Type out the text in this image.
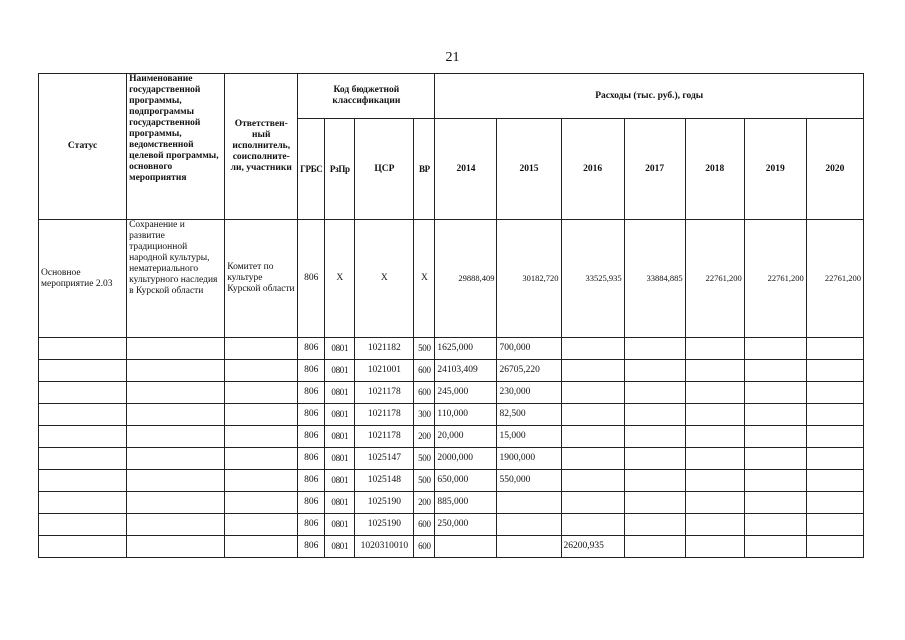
21
Статус	Наименование государственной программы, подпрограммы государственной программы, ведомственной целевой программы, основного мероприятия	Ответствен-ный исполнитель, соисполните-ли, участники	Код бюджетной классификации				Расходы (тыс. руб.), годы						
			ГРБС	РзПр	ЦСР	ВР	2014	2015	2016	2017	2018	2019	2020
Основное мероприятие 2.03	Сохранение и развитие традиционной народной культуры, нематериального культурного наследия в Курской области	Комитет по культуре Курской области	806	Х	Х	Х	29888,409	30182,720	33525,935	33884,885	22761,200	22761,200	22761,200
			806	0801	1021182	500	1625,000	700,000					
			806	0801	1021001	600	24103,409	26705,220					
			806	0801	1021178	600	245,000	230,000					
			806	0801	1021178	300	110,000	82,500					
			806	0801	1021178	200	20,000	15,000					
			806	0801	1025147	500	2000,000	1900,000					
			806	0801	1025148	500	650,000	550,000					
			806	0801	1025190	200	885,000						
			806	0801	1025190	600	250,000						
			806	0801	1020310010	600			26200,935				
